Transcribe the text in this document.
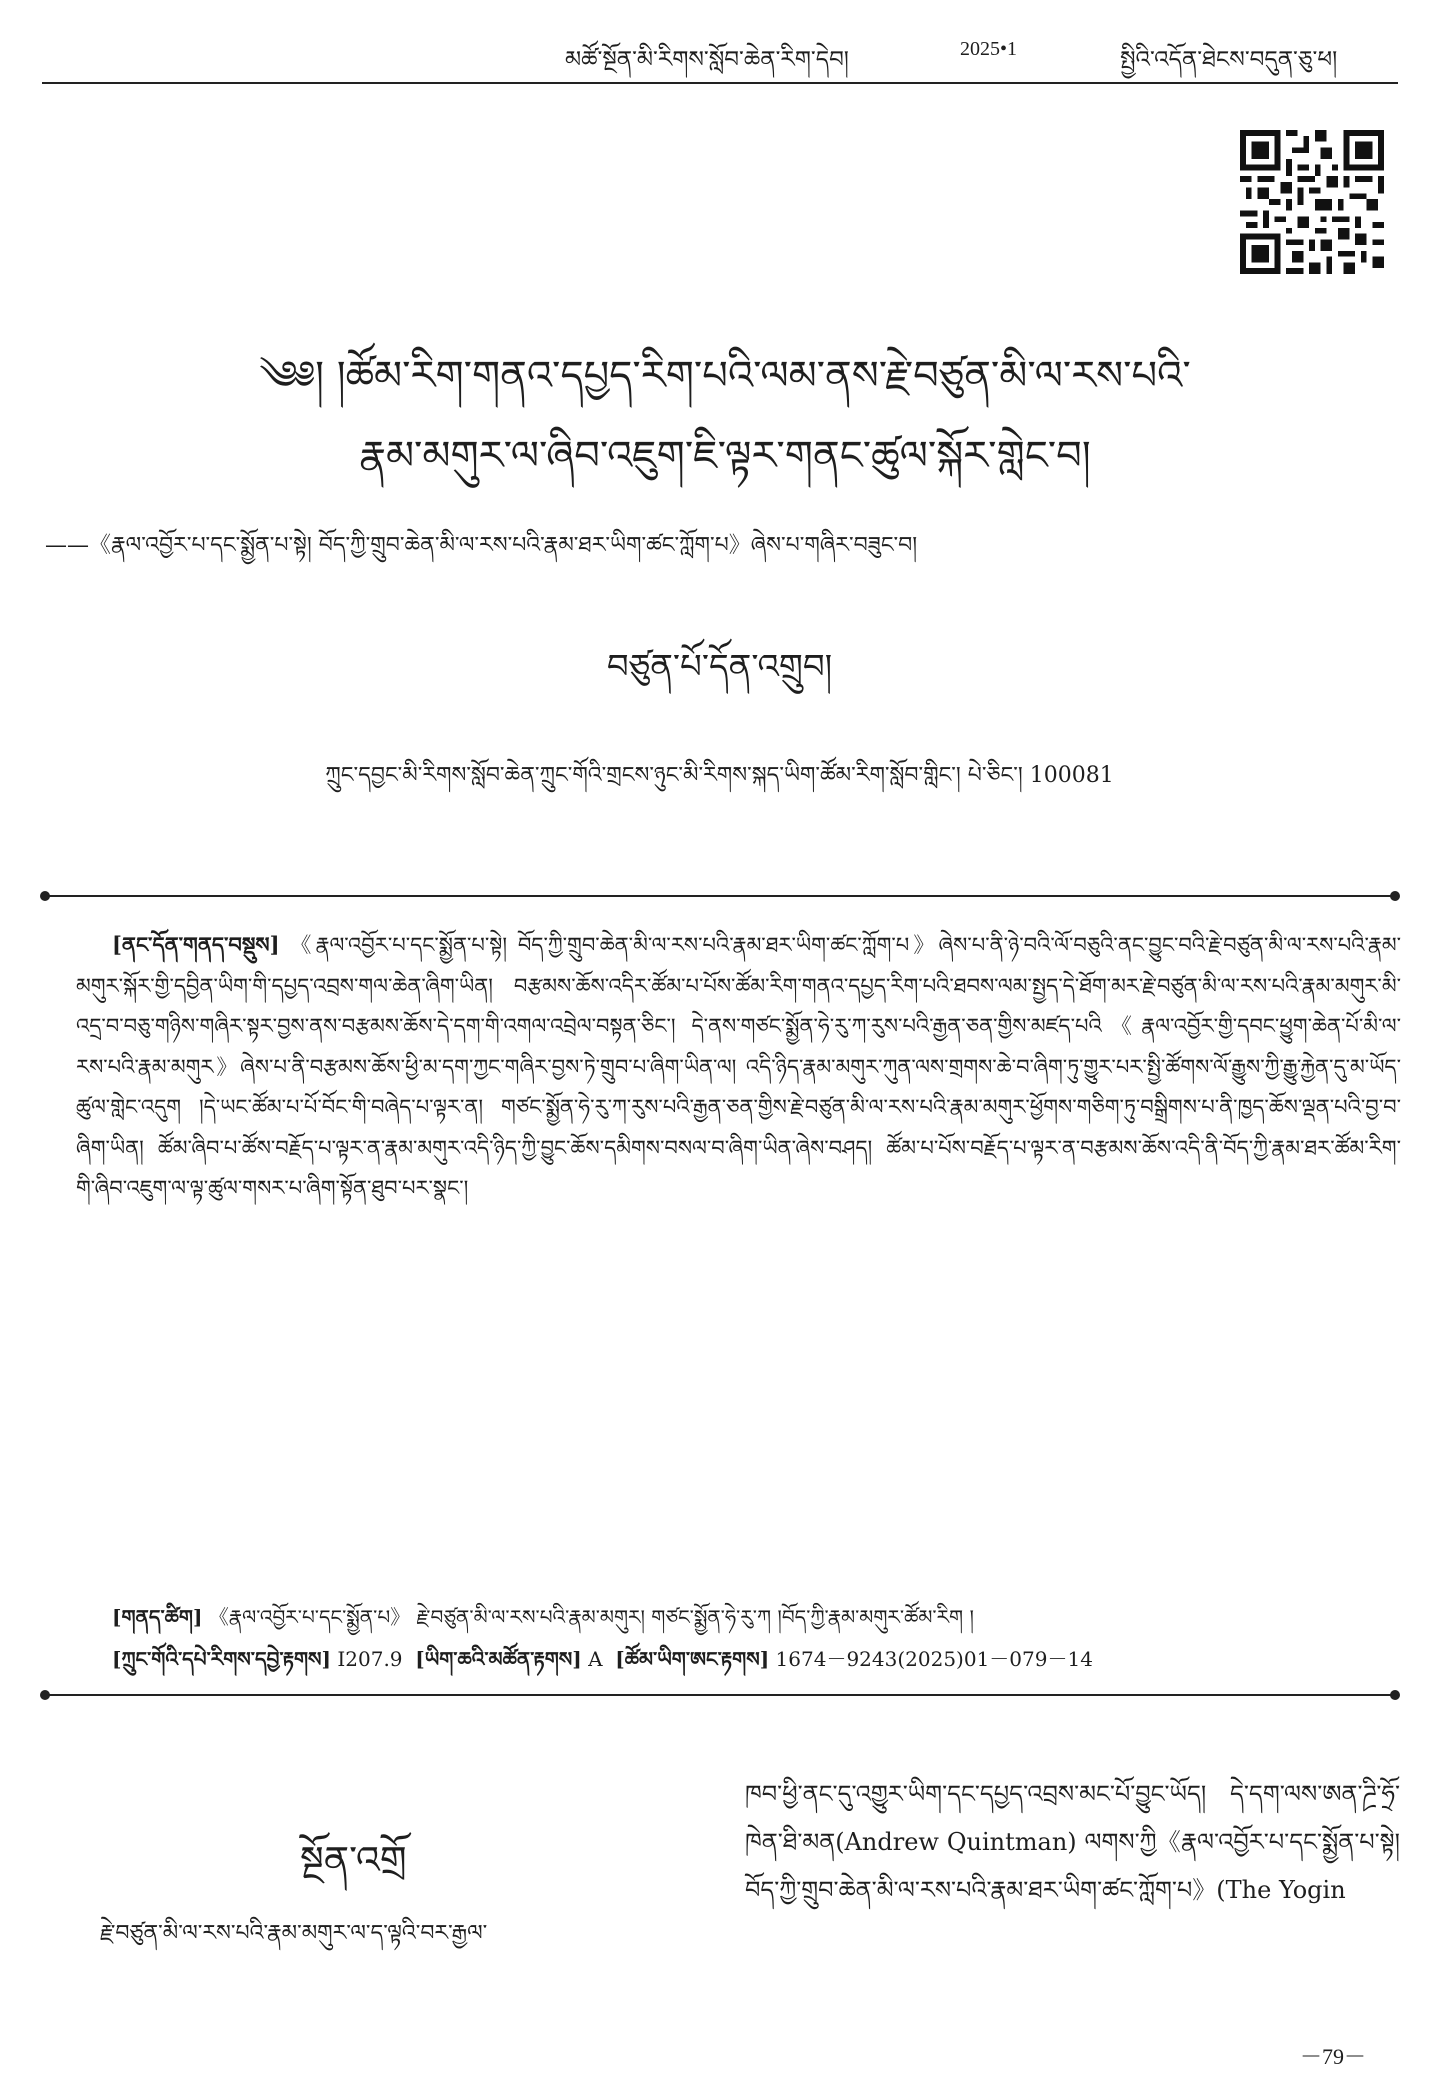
མཚོ་སྔོན་མི་རིགས་སློབ་ཆེན་རིག་དེབ།	2025•1	སྤྱིའི་འདོན་ཐེངས་བདུན་ཅུ་ཕ།
༄༅། །ཚོམ་རིག་གནའ་དཔྱད་རིག་པའི་ལམ་ནས་རྗེ་བཙུན་མི་ལ་རས་པའི་
རྣམ་མགུར་ལ་ཞིབ་འཇུག་ཇི་ལྟར་གནང་ཚུལ་སྐོར་གླེང་བ།
——《རྣལ་འབྱོར་པ་དང་སྨྱོན་པ་སྟེ། བོད་ཀྱི་གྲུབ་ཆེན་མི་ལ་རས་པའི་རྣམ་ཐར་ཡིག་ཚང་ཀློག་པ》ཞེས་པ་གཞིར་བཟུང་བ།
བཙུན་པོ་དོན་འགྲུབ།
ཀྲུང་དབྱང་མི་རིགས་སློབ་ཆེན་ཀྲུང་གོའི་གྲངས་ཉུང་མི་རིགས་སྐད་ཡིག་ཚོམ་རིག་སློབ་གླིང་། པེ་ཅིང་། 100081

[ནང་དོན་གནད་བསྡུས] 《རྣལ་འབྱོར་པ་དང་སྨྱོན་པ་སྟེ། བོད་ཀྱི་གྲུབ་ཆེན་མི་ལ་རས་པའི་རྣམ་ཐར་ཡིག་ཚང་ཀློག་པ》ཞེས་པ་ནི་ཉེ་བའི་ལོ་བཅུའི་ནང་བྱུང་བའི་རྗེ་བཙུན་མི་ལ་རས་པའི་རྣམ་མགུར་སྐོར་གྱི་དབྱིན་ཡིག་གི་དཔྱད་འབྲས་གལ་ཆེན་ཞིག་ཡིན། བརྩམས་ཆོས་འདིར་ཚོམ་པ་པོས་ཚོམ་རིག་གནའ་དཔྱད་རིག་པའི་ཐབས་ལམ་སྤྱད་དེ་ཐོག་མར་རྗེ་བཙུན་མི་ལ་རས་པའི་རྣམ་མགུར་མི་འདྲ་བ་བཅུ་གཉིས་གཞིར་སྟར་བྱས་ནས་བརྩམས་ཆོས་དེ་དག་གི་འགལ་འབྲེལ་བསྟན་ཅིང་། དེ་ནས་གཙང་སྨྱོན་ཧེ་རུ་ཀ་རུས་པའི་རྒྱན་ཅན་གྱིས་མཛད་པའི《རྣལ་འབྱོར་གྱི་དབང་ཕྱུག་ཆེན་པོ་མི་ལ་རས་པའི་རྣམ་མགུར》ཞེས་པ་ནི་བརྩམས་ཆོས་ཕྱི་མ་དག་ཀྱང་གཞིར་བྱས་ཏེ་གྲུབ་པ་ཞིག་ཡིན་ལ། འདི་ཉིད་རྣམ་མགུར་ཀུན་ལས་གྲགས་ཆེ་བ་ཞིག་ཏུ་གྱུར་པར་སྤྱི་ཚོགས་ལོ་རྒྱུས་ཀྱི་རྒྱུ་རྐྱེན་དུ་མ་ཡོད་ཚུལ་གླེང་འདུག །དེ་ཡང་ཚོམ་པ་པོ་བོང་གི་བཞེད་པ་ལྟར་ན། གཙང་སྨྱོན་ཧེ་རུ་ཀ་རུས་པའི་རྒྱན་ཅན་གྱིས་རྗེ་བཙུན་མི་ལ་རས་པའི་རྣམ་མགུར་ཕྱོགས་གཅིག་ཏུ་བསྒྲིགས་པ་ནི་ཁྱད་ཆོས་ལྡན་པའི་བྱ་བ་ཞིག་ཡིན། ཚོམ་ཞིབ་པ་ཚོས་བརྗོད་པ་ལྟར་ན་རྣམ་མགུར་འདི་ཉིད་ཀྱི་བྱུང་ཆོས་དམིགས་བསལ་བ་ཞིག་ཡིན་ཞེས་བཤད། ཚོམ་པ་པོས་བརྗོད་པ་ལྟར་ན་བརྩམས་ཆོས་འདི་ནི་བོད་ཀྱི་རྣམ་ཐར་ཚོམ་རིག་གི་ཞིབ་འཇུག་ལ་ལྟ་ཚུལ་གསར་པ་ཞིག་སྟོན་ཐུབ་པར་སྣང་།

[གནད་ཚིག] 《རྣལ་འབྱོར་པ་དང་སྨྱོན་པ》 རྗེ་བཙུན་མི་ལ་རས་པའི་རྣམ་མགུར། གཙང་སྨྱོན་ཧེ་རུ་ཀ །བོད་ཀྱི་རྣམ་མགུར་ཚོམ་རིག །
[ཀྲུང་གོའི་དཔེ་རིགས་དབྱེ་རྟགས] I207.9 [ཡིག་ཆའི་མཚོན་རྟགས] A [ཚོམ་ཡིག་ཨང་རྟགས] 1674－9243(2025)01－079－14
སྔོན་འགྲོ
རྗེ་བཙུན་མི་ལ་རས་པའི་རྣམ་མགུར་ལ་ད་ལྟའི་བར་རྒྱལ་
ཁབ་ཕྱི་ནང་དུ་འགྱུར་ཡིག་དང་དཔྱད་འབྲས་མང་པོ་བྱུང་ཡོད། དེ་དག་ལས་ཨན་ཌྲི་ཧྲོ་ཁེན་ཐི་མན(Andrew Quintman) ལགས་ཀྱི《རྣལ་འབྱོར་པ་དང་སྨྱོན་པ་སྟེ། བོད་ཀྱི་གྲུབ་ཆེན་མི་ལ་རས་པའི་རྣམ་ཐར་ཡིག་ཚང་ཀློག་པ》(The Yogin
－79－
